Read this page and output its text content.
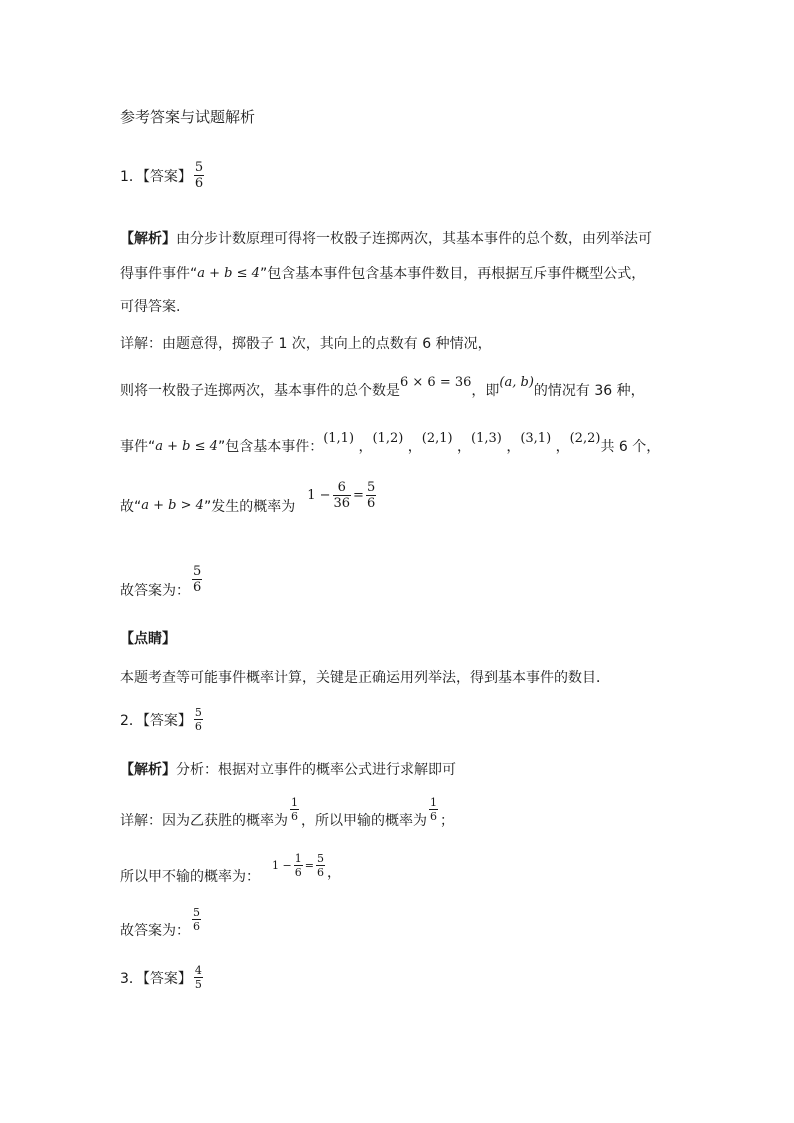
参考答案与试题解析
1．【答案】 $\frac{5}{6}$
【解析】 由分步计数原理可得将一枚骰子连掷两次，其基本事件的总个数，由列举法可
得事件事件“ a + b ≤ 4 ”包含基本事件包含基本事件数目，再根据互斥事件概型公式，
可得答案.
详解：由题意得，掷骰子 1 次，其向上的点数有 6 种情况，
则将一枚骰子连掷两次，基本事件的总个数是
6 × 6 = 36
，即
(a, b)
的情况有 36 种，
事件“ a + b ≤ 4 ”包含基本事件：
(1,1)
，
(1,2)
，
(2,1)
，
(1,3)
，
(3,1)
，
(2,2)
共 6 个，
故“ a + b > 4 ”发生的概率为
$1 - \frac{6}{36} = \frac{5}{6}$
故答案为： $\frac{5}{6}$
【点睛】
本题考查等可能事件概率计算，关键是正确运用列举法，得到基本事件的数目．
2．【答案】 $\frac{5}{6}$
【解析】 分析：根据对立事件的概率公式进行求解即可
详解：因为乙获胜的概率为 $\frac{1}{6}$ ，所以甲输的概率为 $\frac{1}{6}$ ；
所以甲不输的概率为：
$1 - \frac{1}{6} = \frac{5}{6}$ ，
故答案为： $\frac{5}{6}$
3．【答案】 $\frac{4}{5}$
